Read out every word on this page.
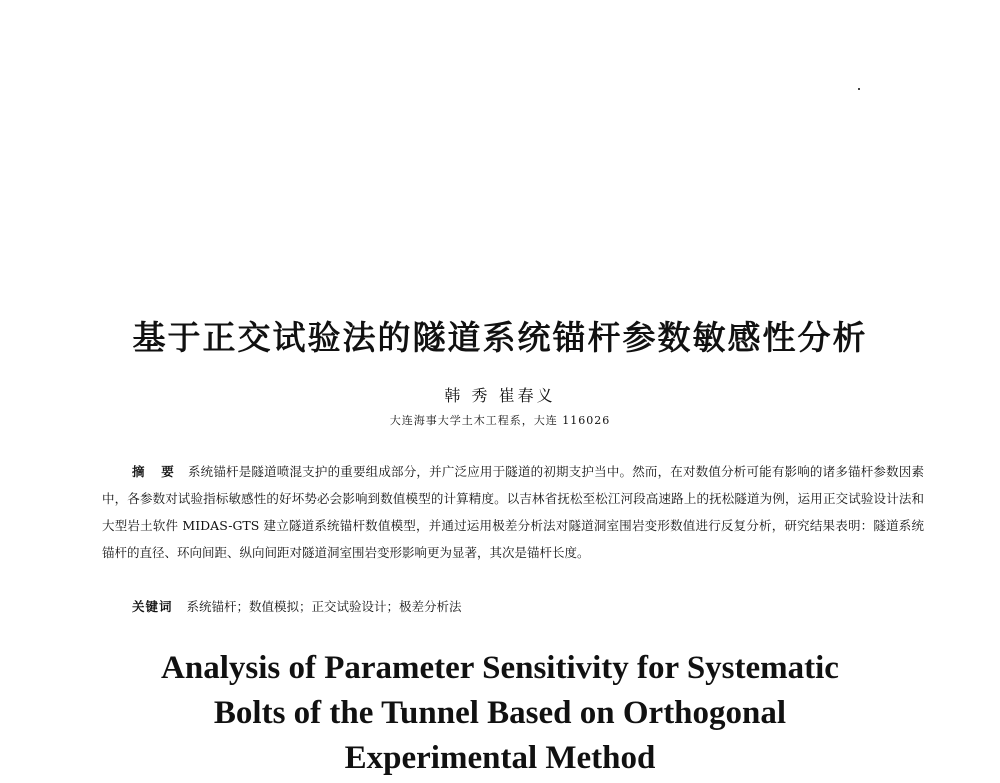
基于正交试验法的隧道系统锚杆参数敏感性分析

韩 秀 崔春义

大连海事大学土木工程系，大连 116026

摘 要 系统锚杆是隧道喷混支护的重要组成部分，并广泛应用于隧道的初期支护当中。然而，在对数值分析可能有影响的诸多锚杆参数因素中，各参数对试验指标敏感性的好坏势必会影响到数值模型的计算精度。以吉林省抚松至松江河段高速路上的抚松隧道为例，运用正交试验设计法和大型岩土软件 MIDAS-GTS 建立隧道系统锚杆数值模型，并通过运用极差分析法对隧道洞室围岩变形数值进行反复分析，研究结果表明：隧道系统锚杆的直径、环向间距、纵向间距对隧道洞室围岩变形影响更为显著，其次是锚杆长度。

关键词 系统锚杆；数值模拟；正交试验设计；极差分析法

Analysis of Parameter Sensitivity for Systematic
Bolts of the Tunnel Based on Orthogonal
Experimental Method
